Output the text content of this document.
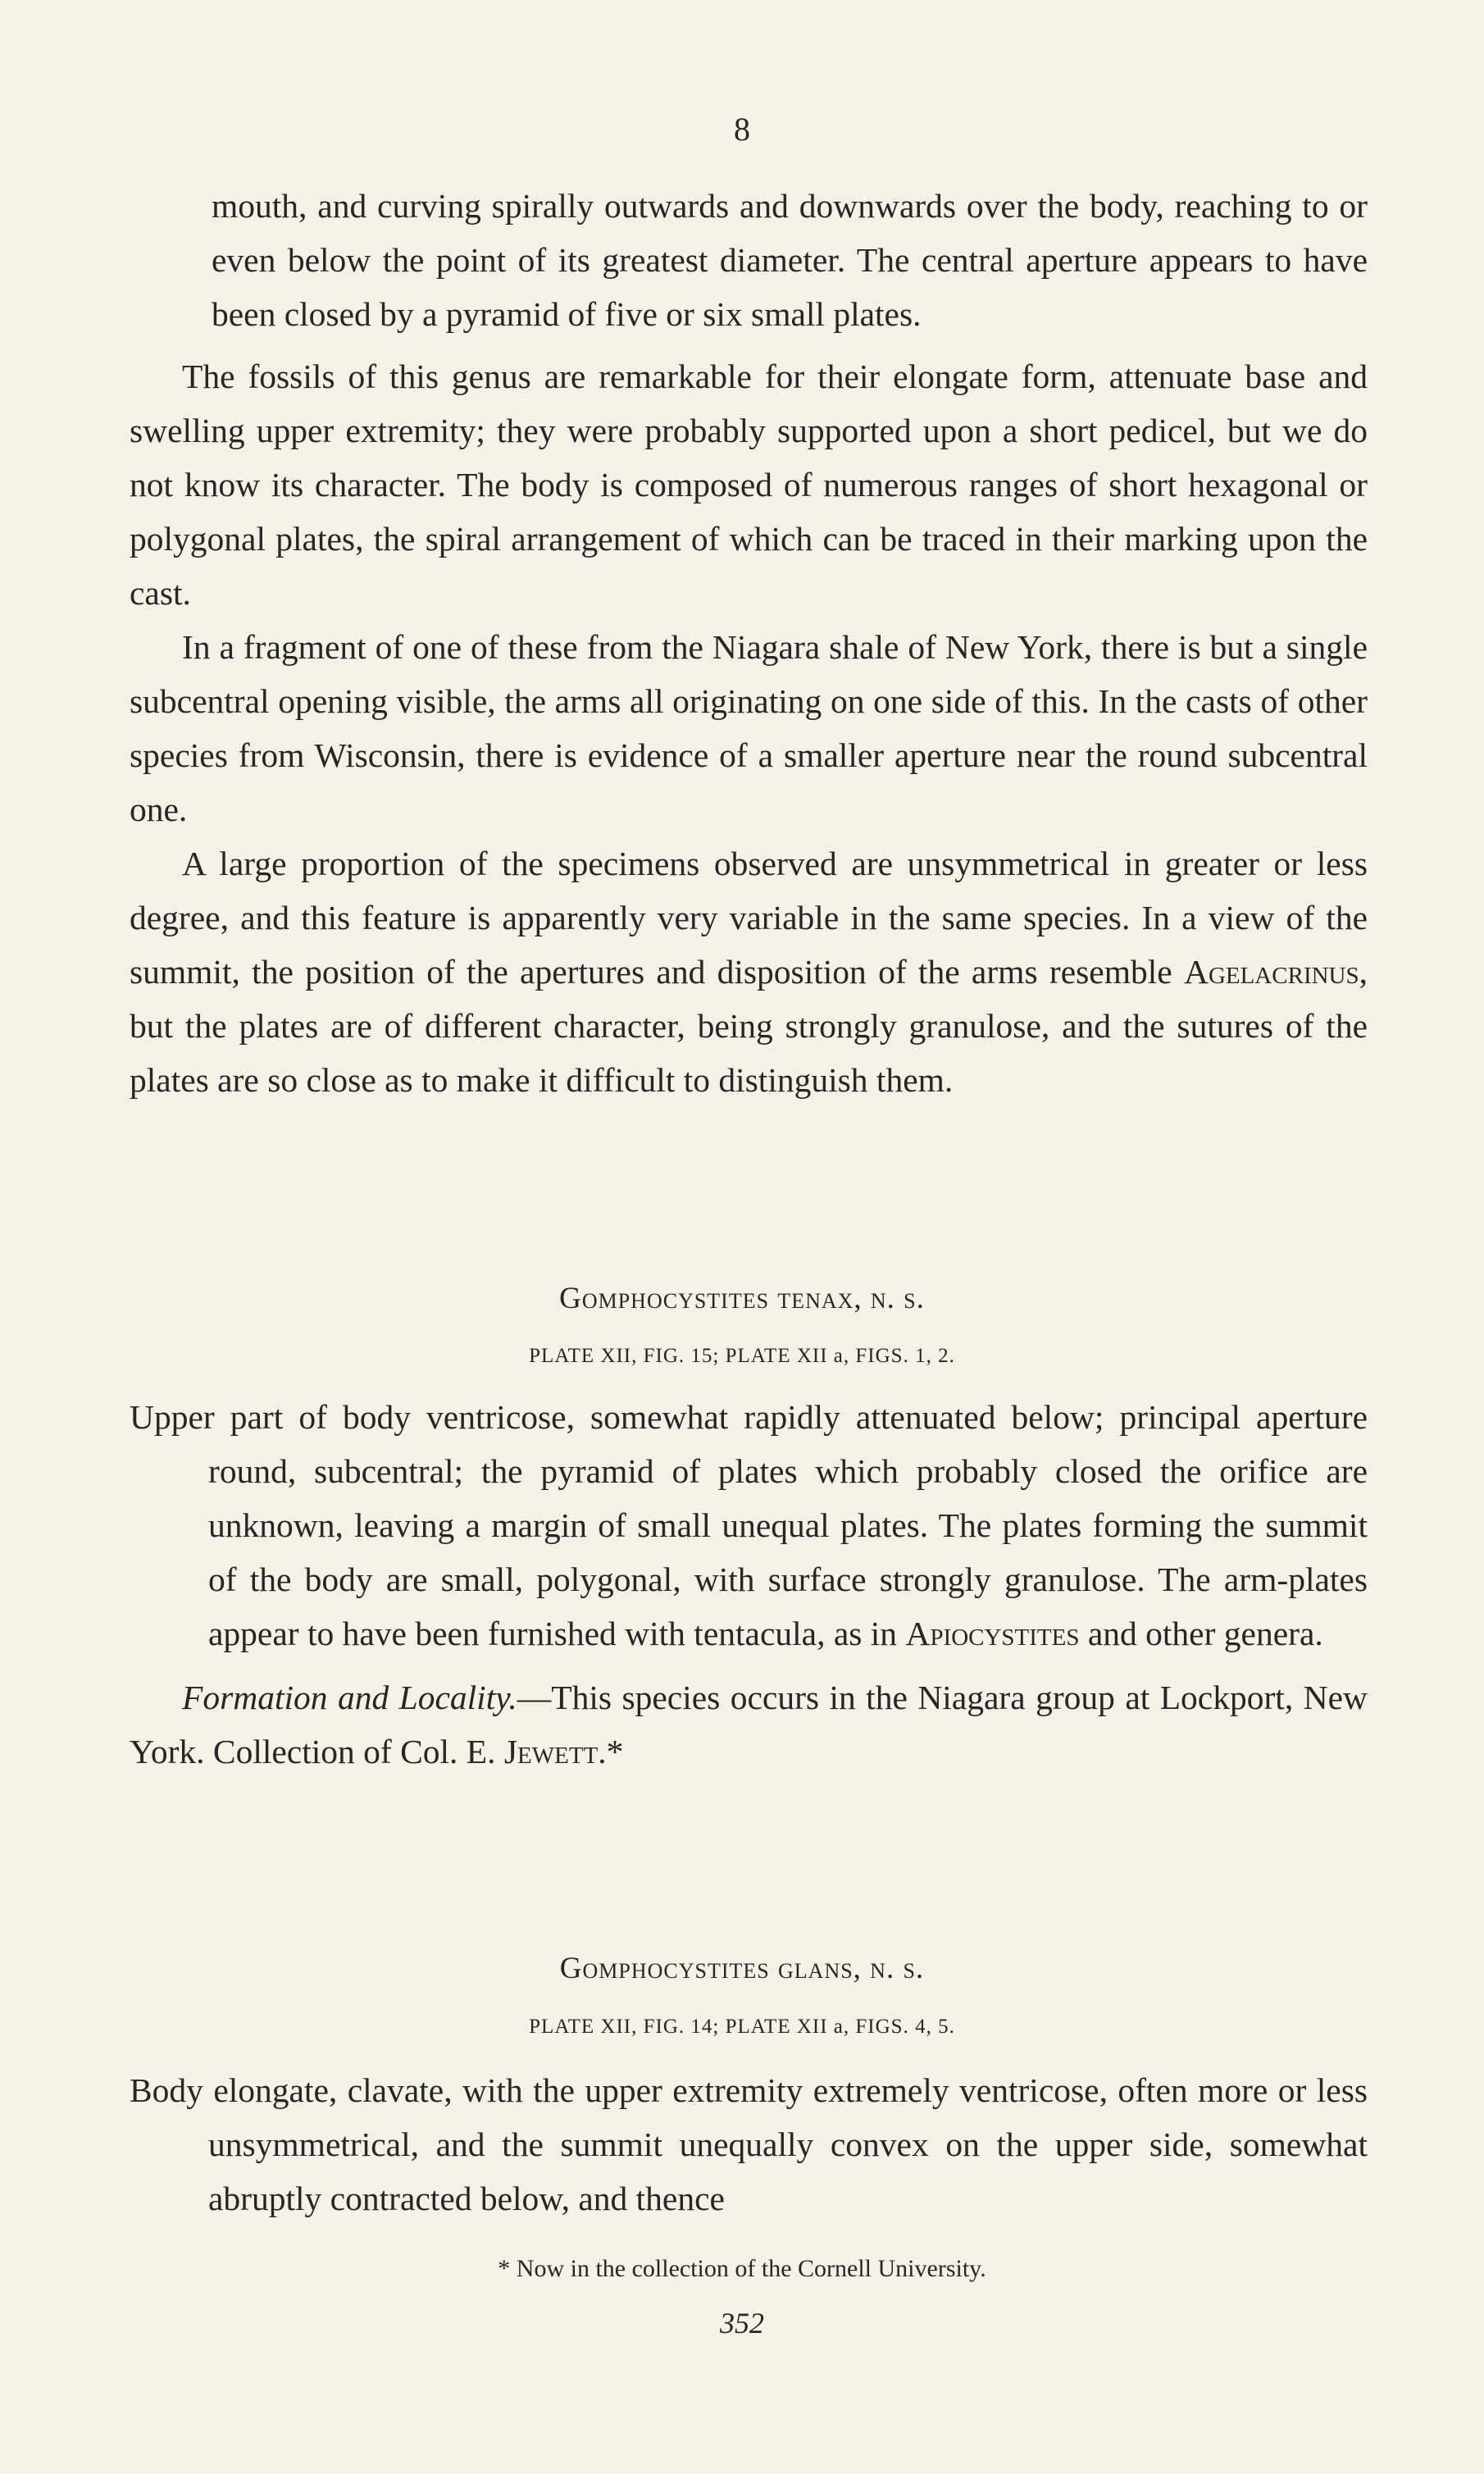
8

mouth, and curving spirally outwards and downwards over the body, reaching to or even below the point of its greatest diameter. The central aperture appears to have been closed by a pyramid of five or six small plates.

The fossils of this genus are remarkable for their elongate form, attenuate base and swelling upper extremity; they were probably supported upon a short pedicel, but we do not know its character. The body is composed of numerous ranges of short hexagonal or polygonal plates, the spiral arrangement of which can be traced in their marking upon the cast.

In a fragment of one of these from the Niagara shale of New York, there is but a single subcentral opening visible, the arms all originating on one side of this. In the casts of other species from Wisconsin, there is evidence of a smaller aperture near the round subcentral one.

A large proportion of the specimens observed are unsymmetrical in greater or less degree, and this feature is apparently very variable in the same species. In a view of the summit, the position of the apertures and disposition of the arms resemble Agelacrinus, but the plates are of different character, being strongly granulose, and the sutures of the plates are so close as to make it difficult to distinguish them.

Gomphocystites tenax, n. s.
PLATE XII, FIG. 15; PLATE XII a, FIGS. 1, 2.

Upper part of body ventricose, somewhat rapidly attenuated below; principal aperture round, subcentral; the pyramid of plates which probably closed the orifice are unknown, leaving a margin of small unequal plates. The plates forming the summit of the body are small, polygonal, with surface strongly granulose. The arm-plates appear to have been furnished with tentacula, as in Apiocystites and other genera.

Formation and Locality.—This species occurs in the Niagara group at Lockport, New York. Collection of Col. E. Jewett.*

Gomphocystites glans, n. s.
PLATE XII, FIG. 14; PLATE XII a, FIGS. 4, 5.

Body elongate, clavate, with the upper extremity extremely ventricose, often more or less unsymmetrical, and the summit unequally convex on the upper side, somewhat abruptly contracted below, and thence

* Now in the collection of the Cornell University.
352
